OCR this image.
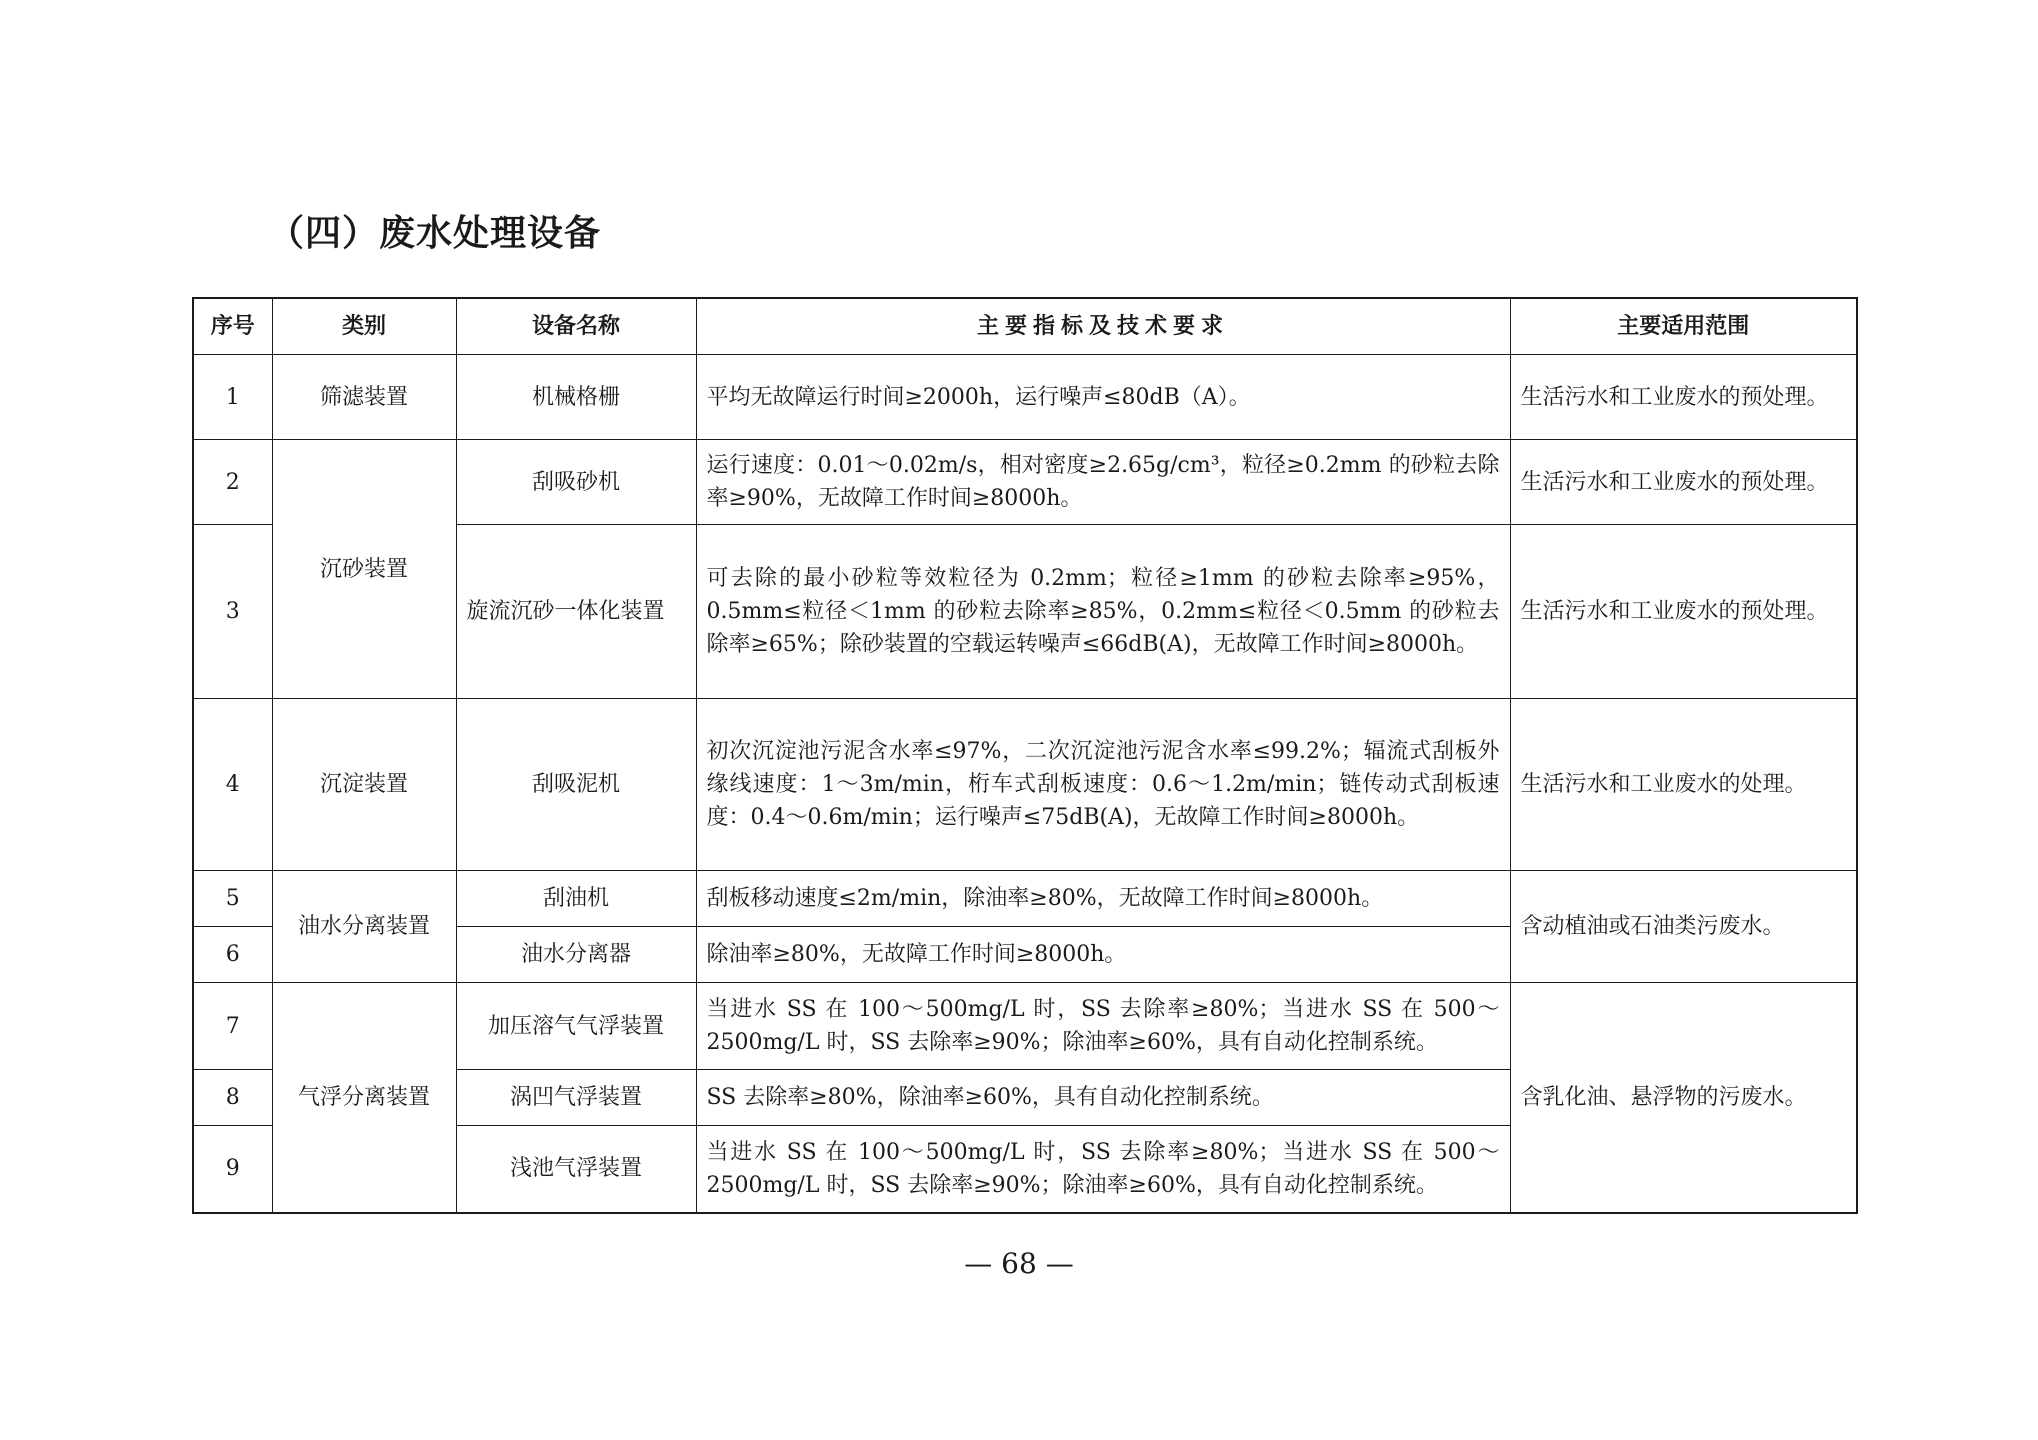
（四）废水处理设备
序号	类别	设备名称	主要指标及技术要求	主要适用范围
1	筛滤装置	机械格栅	平均无故障运行时间≥2000h，运行噪声≤80dB（A）。	生活污水和工业废水的预处理。
2	沉砂装置	刮吸砂机	运行速度：0.01～0.02m/s，相对密度≥2.65g/cm³，粒径≥0.2mm 的砂粒去除率≥90%，无故障工作时间≥8000h。	生活污水和工业废水的预处理。
3		旋流沉砂一体化装置	可去除的最小砂粒等效粒径为 0.2mm；粒径≥1mm 的砂粒去除率≥95%，0.5mm≤粒径＜1mm 的砂粒去除率≥85%，0.2mm≤粒径＜0.5mm 的砂粒去除率≥65%；除砂装置的空载运转噪声≤66dB(A)，无故障工作时间≥8000h。	生活污水和工业废水的预处理。
4	沉淀装置	刮吸泥机	初次沉淀池污泥含水率≤97%，二次沉淀池污泥含水率≤99.2%；辐流式刮板外缘线速度：1～3m/min，桁车式刮板速度：0.6～1.2m/min；链传动式刮板速度：0.4～0.6m/min；运行噪声≤75dB(A)，无故障工作时间≥8000h。	生活污水和工业废水的处理。
5	油水分离装置	刮油机	刮板移动速度≤2m/min，除油率≥80%，无故障工作时间≥8000h。	含动植油或石油类污废水。
6		油水分离器	除油率≥80%，无故障工作时间≥8000h。	
7	气浮分离装置	加压溶气气浮装置	当进水 SS 在 100～500mg/L 时，SS 去除率≥80%；当进水 SS 在 500～2500mg/L 时，SS 去除率≥90%；除油率≥60%，具有自动化控制系统。	含乳化油、悬浮物的污废水。
8		涡凹气浮装置	SS 去除率≥80%，除油率≥60%，具有自动化控制系统。	
9		浅池气浮装置	当进水 SS 在 100～500mg/L 时，SS 去除率≥80%；当进水 SS 在 500～2500mg/L 时，SS 去除率≥90%；除油率≥60%，具有自动化控制系统。	

— 68 —
